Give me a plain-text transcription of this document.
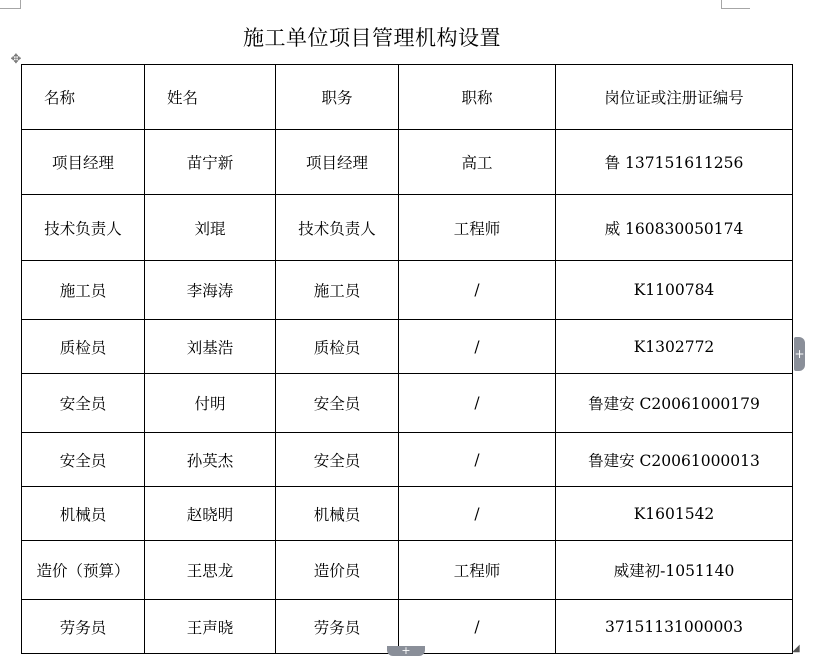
施工单位项目管理机构设置
✥
名称	姓名	职务	职称	岗位证或注册证编号
项目经理	苗宁新	项目经理	高工	鲁 137151611256
技术负责人	刘琨	技术负责人	工程师	威 160830050174
施工员	李海涛	施工员	/	K1100784
质检员	刘基浩	质检员	/	K1302772
安全员	付明	安全员	/	鲁建安 C20061000179
安全员	孙英杰	安全员	/	鲁建安 C20061000013
机械员	赵晓明	机械员	/	K1601542
造价（预算）	王思龙	造价员	工程师	威建初-1051140
劳务员	王声晓	劳务员	/	37151131000003
+
+	◢
